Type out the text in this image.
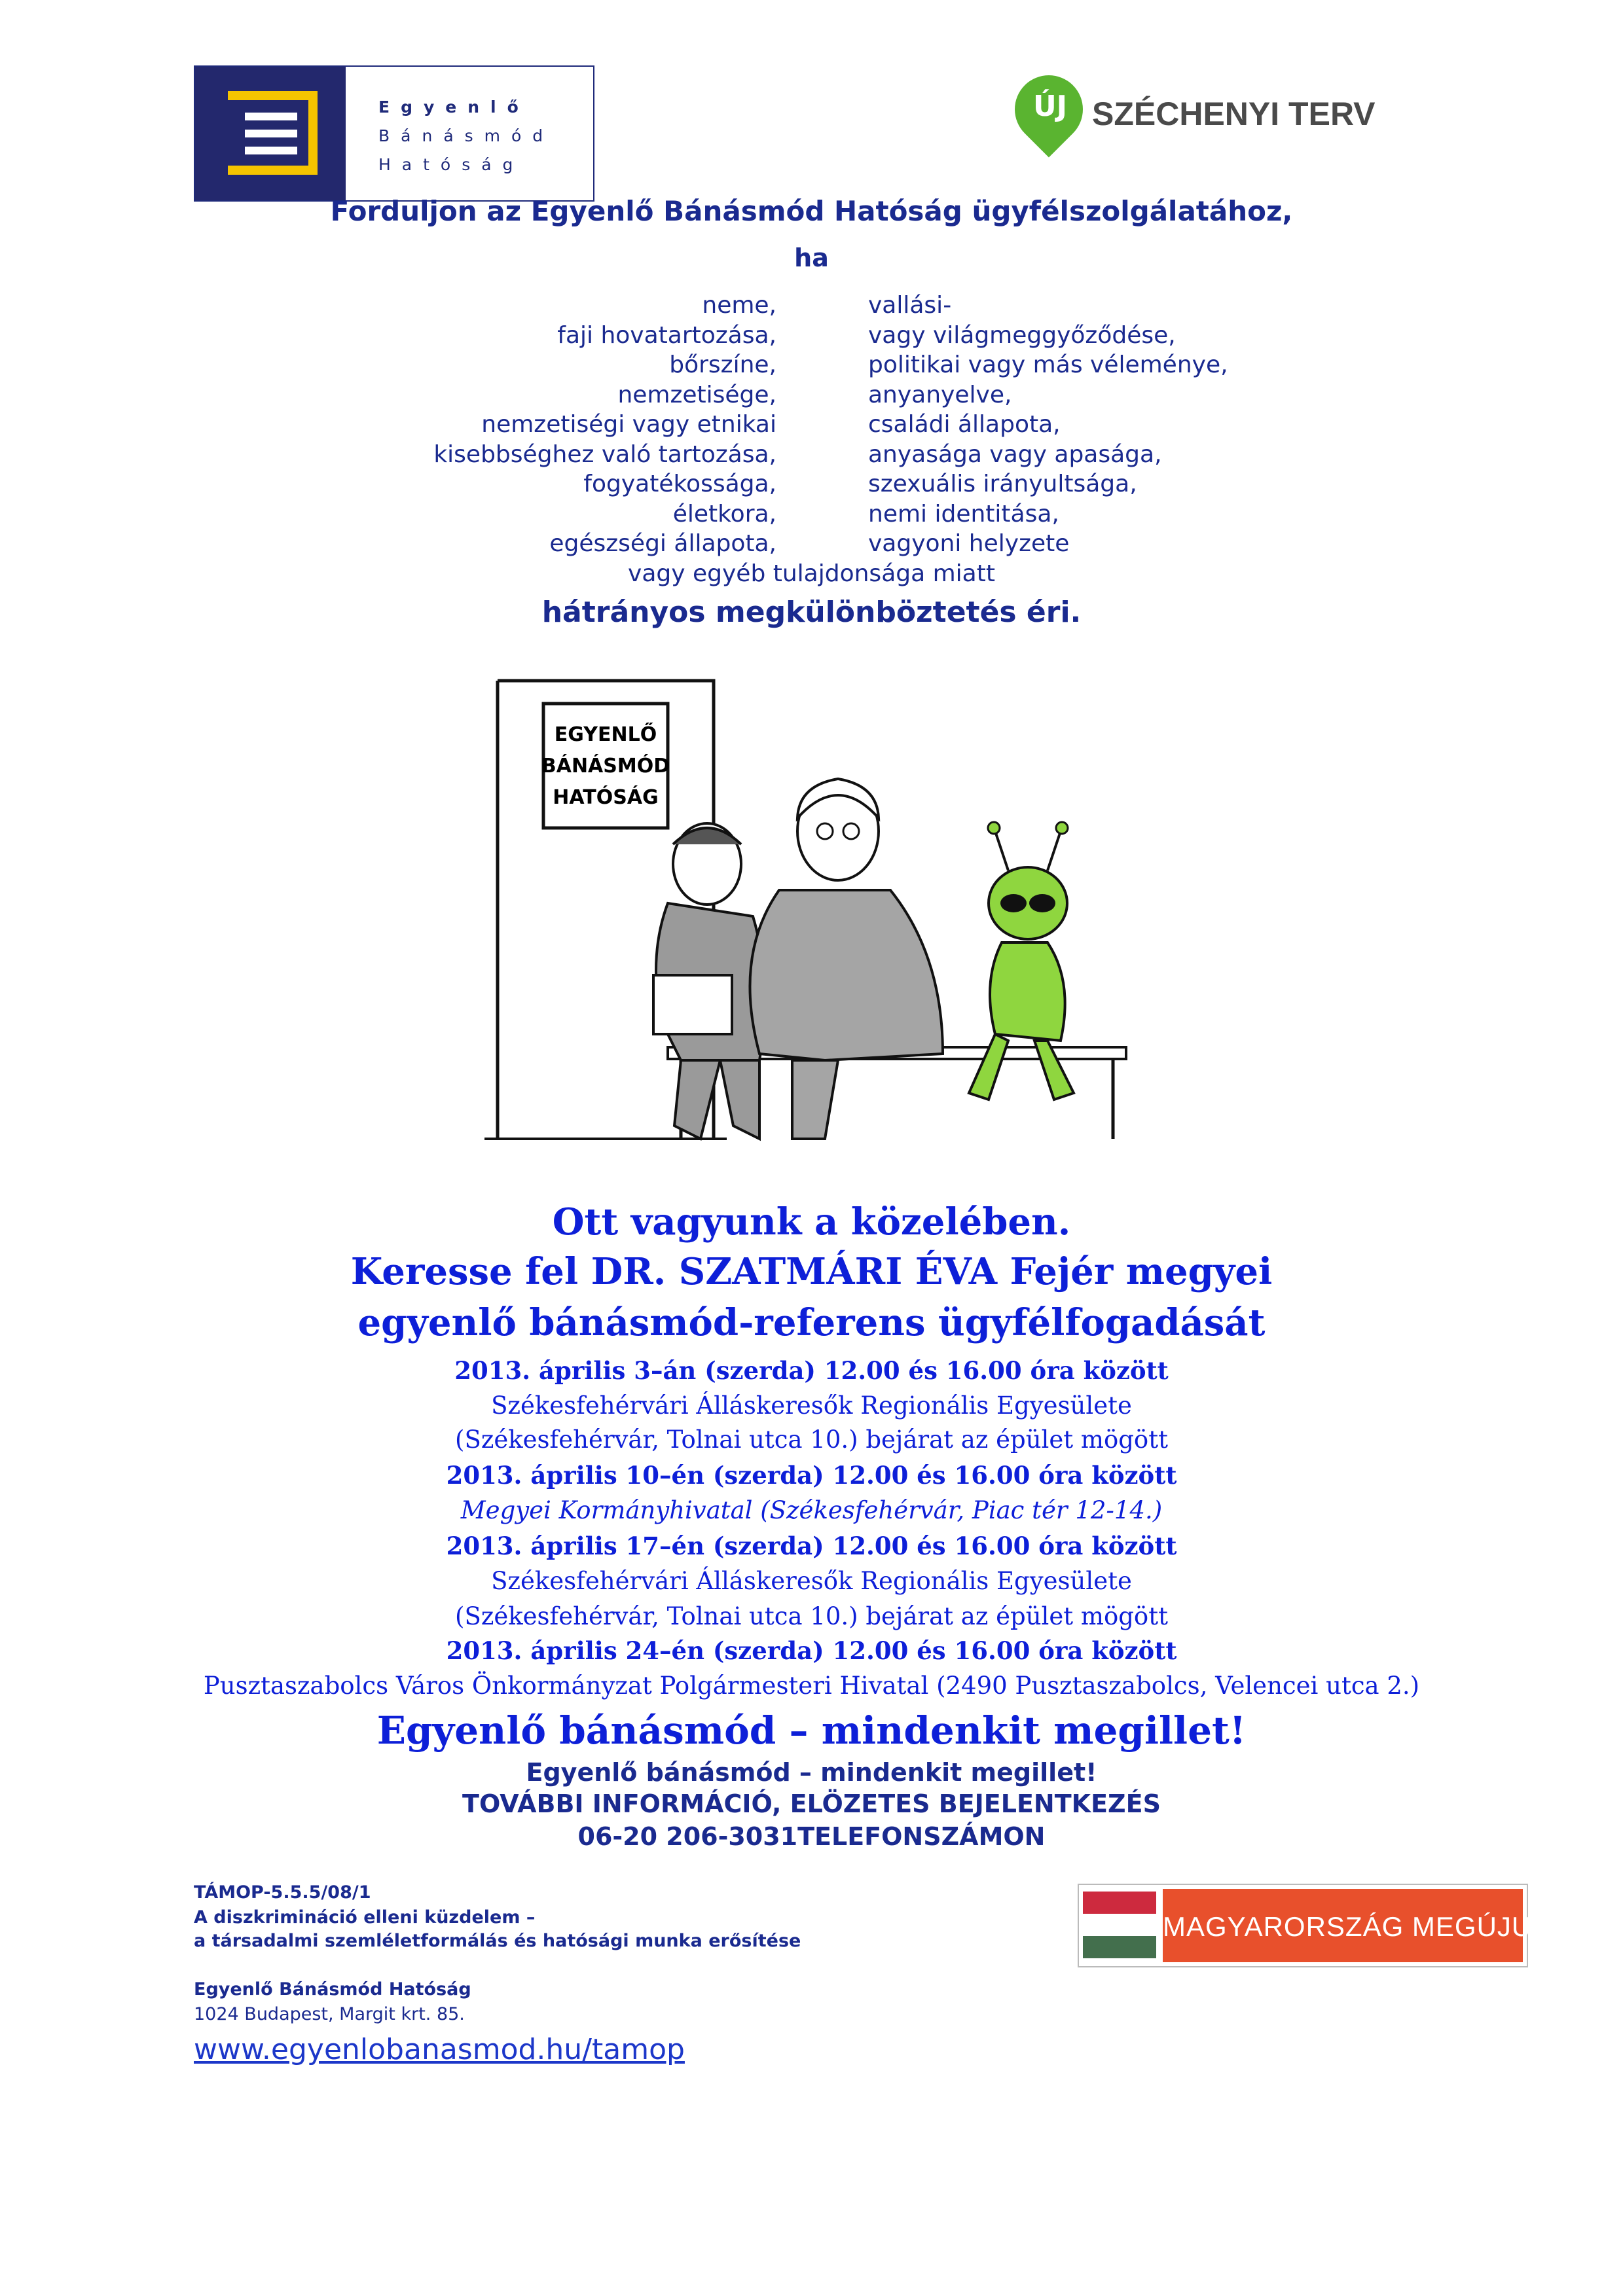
Egyenlő
Bánásmód
Hatóság
ÚJ SZÉCHENYI TERV
Forduljon az Egyenlő Bánásmód Hatóság ügyfélszolgálatához,
ha
neme,
faji hovatartozása,
bőrszíne,
nemzetisége,
nemzetiségi vagy etnikai
kisebbséghez való tartozása,
fogyatékossága,
életkora,
egészségi állapota,
vallási-
vagy világmeggyőződése,
politikai vagy más véleménye,
anyanyelve,
családi állapota,
anyasága vagy apasága,
szexuális irányultsága,
nemi identitása,
vagyoni helyzete
vagy egyéb tulajdonsága miatt
hátrányos megkülönböztetés éri.
EGYENLŐ
BÁNÁSMÓD
HATÓSÁG
Ott vagyunk a közelében.
Keresse fel DR. SZATMÁRI ÉVA Fejér megyei
egyenlő bánásmód-referens ügyfélfogadását
2013. április 3–án (szerda) 12.00 és 16.00 óra között
Székesfehérvári Álláskeresők Regionális Egyesülete
(Székesfehérvár, Tolnai utca 10.) bejárat az épület mögött
2013. április 10–én (szerda) 12.00 és 16.00 óra között
Megyei Kormányhivatal (Székesfehérvár, Piac tér 12-14.)
2013. április 17–én (szerda) 12.00 és 16.00 óra között
Székesfehérvári Álláskeresők Regionális Egyesülete
(Székesfehérvár, Tolnai utca 10.) bejárat az épület mögött
2013. április 24–én (szerda) 12.00 és 16.00 óra között
Pusztaszabolcs Város Önkormányzat Polgármesteri Hivatal (2490 Pusztaszabolcs, Velencei utca 2.)
Egyenlő bánásmód – mindenkit megillet!
Egyenlő bánásmód – mindenkit megillet!
TOVÁBBI INFORMÁCIÓ, ELÖZETES BEJELENTKEZÉS
06-20 206-3031TELEFONSZÁMON
TÁMOP-5.5.5/08/1
A diszkrimináció elleni küzdelem –
a társadalmi szemléletformálás és hatósági munka erősítése
Egyenlő Bánásmód Hatóság
1024 Budapest, Margit krt. 85.
www.egyenlobanasmod.hu/tamop
MAGYARORSZÁG MEGÚJUL
